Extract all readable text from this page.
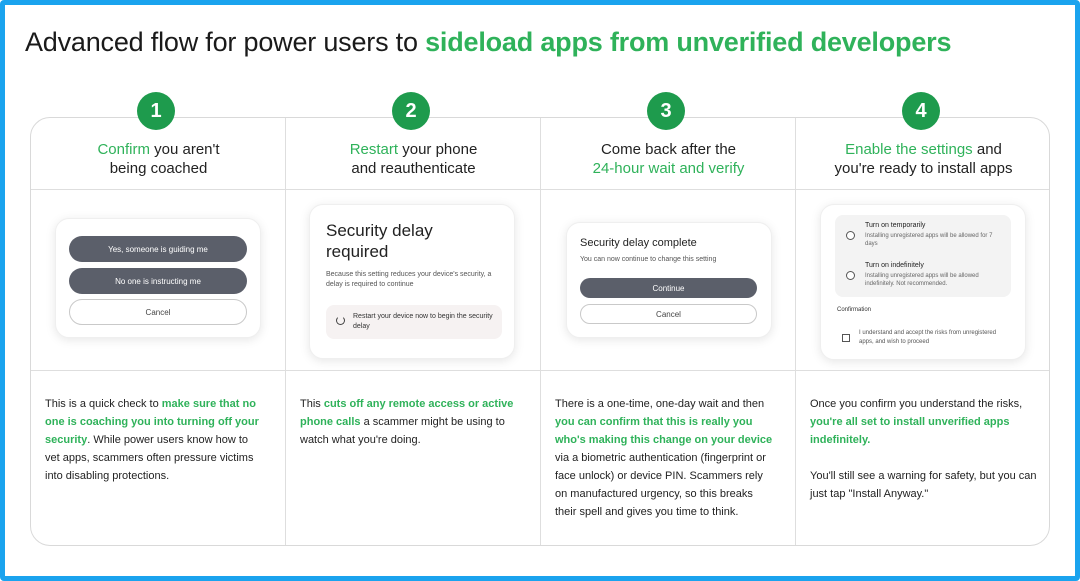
Advanced flow for power users to sideload apps from unverified developers
Confirm you aren't
being coached
Restart your phone
and reauthenticate
Come back after the
24-hour wait and verify
Enable the settings and
you're ready to install apps
Yes, someone is guiding me
No one is instructing me
Cancel
Security delay
required
Because this setting reduces your device's security, a delay is required to continue
Restart your device now to begin the security delay
Security delay complete
You can now continue to change this setting
Continue
Cancel
Turn on temporarily
Installing unregistered apps will be allowed for 7 days
Turn on indefinitely
Installing unregistered apps will be allowed indefinitely. Not recommended.
Confirmation
I understand and accept the risks from unregistered apps, and wish to proceed
This is a quick check to make sure that no one is coaching you into turning off your security. While power users know how to vet apps, scammers often pressure victims into disabling protections.
This cuts off any remote access or active phone calls a scammer might be using to watch what you're doing.
There is a one-time, one-day wait and then you can confirm that this is really you who's making this change on your device via a biometric authentication (fingerprint or face unlock) or device PIN. Scammers rely on manufactured urgency, so this breaks their spell and gives you time to think.
Once you confirm you understand the risks, you're all set to install unverified apps indefinitely.

You'll still see a warning for safety, but you can just tap "Install Anyway."
1	2	3	4
